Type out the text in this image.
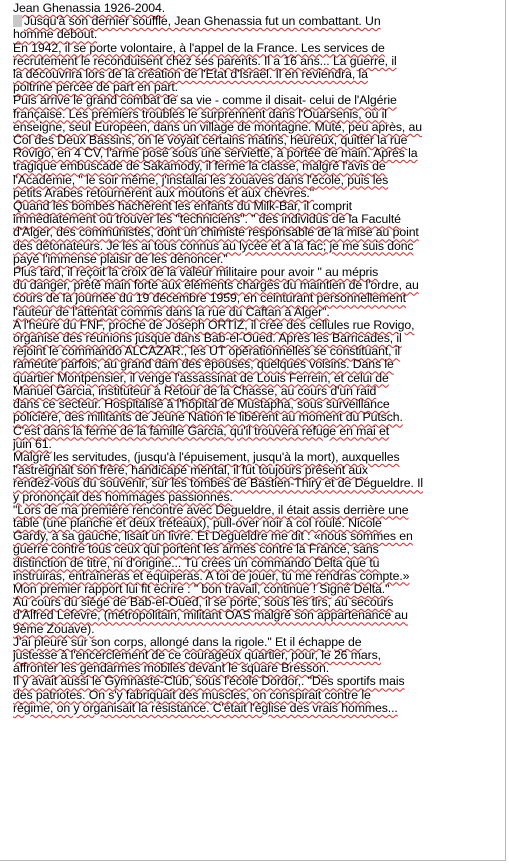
Jean Ghenassia 1926-2004.
Jusqu'à son dernier souffle, Jean Ghenassia fut un combattant. Un
homme debout.
En 1942, il se porte volontaire, à l'appel de la France. Les services de
recrutement le reconduisent chez ses parents. Il a 16 ans... La guerre, il
la découvrira lors de la création de l'Etat d'Israël. Il en reviendra, la
poitrine percée de part en part.
Puis arrive le grand combat de sa vie - comme il disait- celui de l'Algérie
française. Les premiers troubles le surprennent dans l'Ouarsenis, où il
enseigne, seul Européen, dans un village de montagne. Muté, peu après, au
Col des Deux Bassins, on le voyait certains matins, heureux, quitter la rue
Rovigo, en 4 CV, l'arme posé sous une serviette, à portée de main. Après la
tragique embuscade de Sakamody, il ferme la classe, malgré l'avis de
l'Académie, " le soir même, j'installai les zouaves dans l'école, puis les
petits Arabes retournèrent aux moutons et aux chèvres."
Quand les bombes hachèrent les enfants du Milk-Bar, il comprit
immédiatement où trouver les "techniciens". " des individus de la Faculté
d'Alger, des communistes, dont un chimiste responsable de la mise au point
des détonateurs. Je les ai tous connus au lycée et à la fac; je me suis donc
payé l'immense plaisir de les dénoncer."
Plus tard, il reçoit la croix de la valeur militaire pour avoir " au mépris
du danger, prêté main forte aux éléments chargés du maintien de l'ordre, au
cours de la journée du 19 décembre 1959, en ceinturant personnellement
l'auteur de l'attentat commis dans la rue du Caftan à Alger".
A l'heure du FNF, proche de Joseph ORTIZ, il crée des cellules rue Rovigo,
organise des réunions jusque dans Bab-el-Oued. Après les Barricades, il
rejoint le commando ALCAZAR., les UT opérationnelles se constituant, il
rameute parfois, au grand dam des épouses, quelques voisins. Dans le
quartier Montpensier, il venge l'assassinat de Louis Ferrein, et celui de
Manuel Garcia, instituteur à Retour de la Chasse, au cours d'un raid
dans ce secteur. Hospitalisé à l'hôpital de Mustapha, sous surveillance
policière, des militants de Jeune Nation le libèrent au moment du Putsch.
C'est dans la ferme de la famille Garcia, qu'il trouvera refuge en mai et
juin 61.
Malgré les servitudes, (jusqu'à l'épuisement, jusqu'à la mort), auxquelles
l'astreignait son frère, handicapé mental, il fut toujours présent aux
rendez-vous du souvenir, sur les tombes de Bastien-Thiry et de Degueldre. Il
y prononçait des hommages passionnés.
"Lors de ma première rencontre avec Degueldre, il était assis derrière une
table (une planche et deux tréteaux), pull-over noir à col roulé. Nicole
Gardy, à sa gauche, lisait un livre. Et Degueldre me dit : «nous sommes en
guerre contre tous ceux qui portent les armes contre la France, sans
distinction de titre, ni d'origine... Tu crées un commando Delta que tu
instruiras, entraîneras et équiperas. A toi de jouer, tu me rendras compte.»
Mon premier rapport lui fit écrire : " bon travail, continue ! Signé Delta."
Au cours du siège de Bab-el-Oued, il se porte, sous les tirs, au secours
d'Alfred Lefevre, (métropolitain, militant OAS malgré son appartenance au
9ème Zouave).
J'ai pleuré sur son corps, allongé dans la rigole." Et il échappe de
justesse à l'encerclement de ce courageux quartier, pour, le 26 mars,
affronter les gendarmes mobiles devant le square Bresson.
Il y avait aussi le Gymnaste-Club, sous l'école Dordor,. "Des sportifs mais
des patriotes. On s'y fabriquait des muscles, on conspirait contre le
régime, on y organisait la résistance. C'était l'église des vrais hommes...
